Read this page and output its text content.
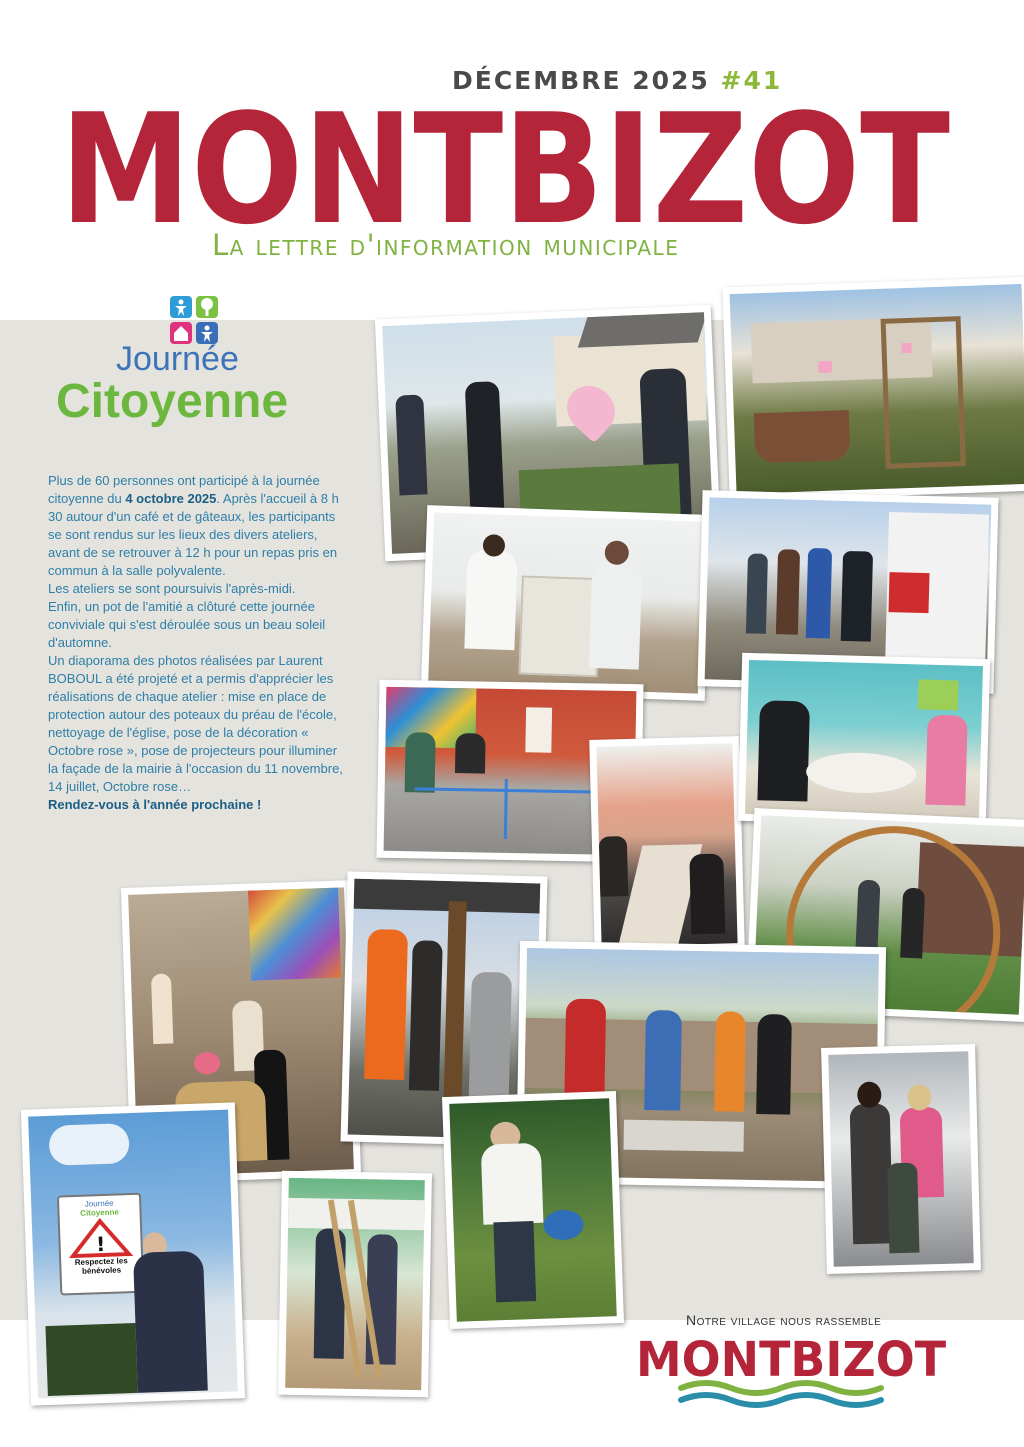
DÉCEMBRE 2025 #41
MONTBIZOT
La lettre d'information municipale
Journée
Citoyenne

Plus de 60 personnes ont participé à la journée citoyenne du 4 octobre 2025. Après l'accueil à 8 h 30 autour d'un café et de gâteaux, les participants se sont rendus sur les lieux des divers ateliers, avant de se retrouver à 12 h pour un repas pris en commun à la salle polyvalente.

Les ateliers se sont poursuivis l'après-midi.

Enfin, un pot de l'amitié a clôturé cette journée conviviale qui s'est déroulée sous un beau soleil d'automne.

Un diaporama des photos réalisées par Laurent BOBOUL a été projeté et a permis d'apprécier les réalisations de chaque atelier : mise en place de protection autour des poteaux du préau de l'école, nettoyage de l'église, pose de la décoration « Octobre rose », pose de projecteurs pour illuminer la façade de la mairie à l'occasion du 11 novembre, 14 juillet, Octobre rose…

Rendez-vous à l'année prochaine !

Journée
Citoyenne
!
Respectez les bénévoles
Notre village nous rassemble
MONTBIZOT
